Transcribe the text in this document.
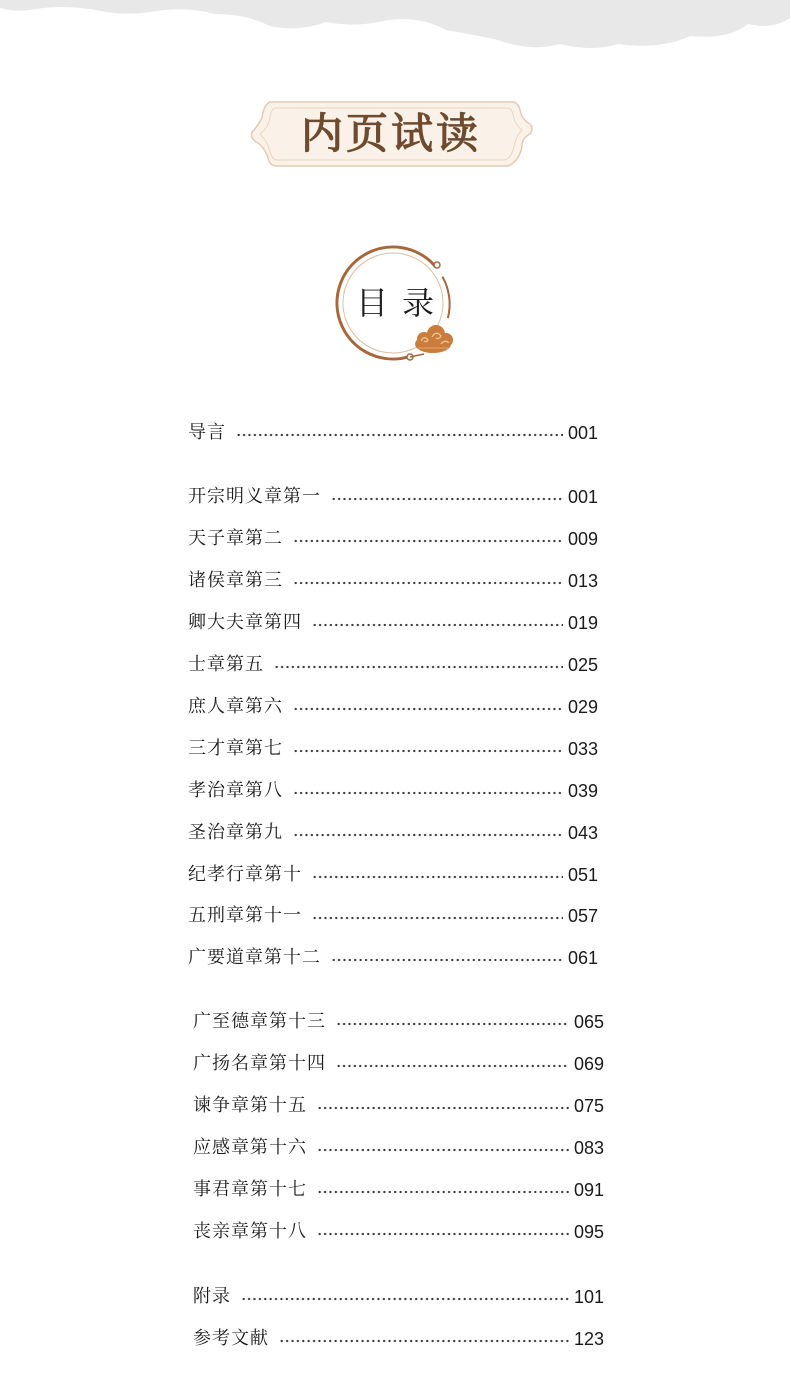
内页试读
目 录
导言	001
开宗明义章第一	001
天子章第二	009
诸侯章第三	013
卿大夫章第四	019
士章第五	025
庶人章第六	029
三才章第七	033
孝治章第八	039
圣治章第九	043
纪孝行章第十	051
五刑章第十一	057
广要道章第十二	061
广至德章第十三	065
广扬名章第十四	069
谏争章第十五	075
应感章第十六	083
事君章第十七	091
丧亲章第十八	095
附录	101
参考文献	123
